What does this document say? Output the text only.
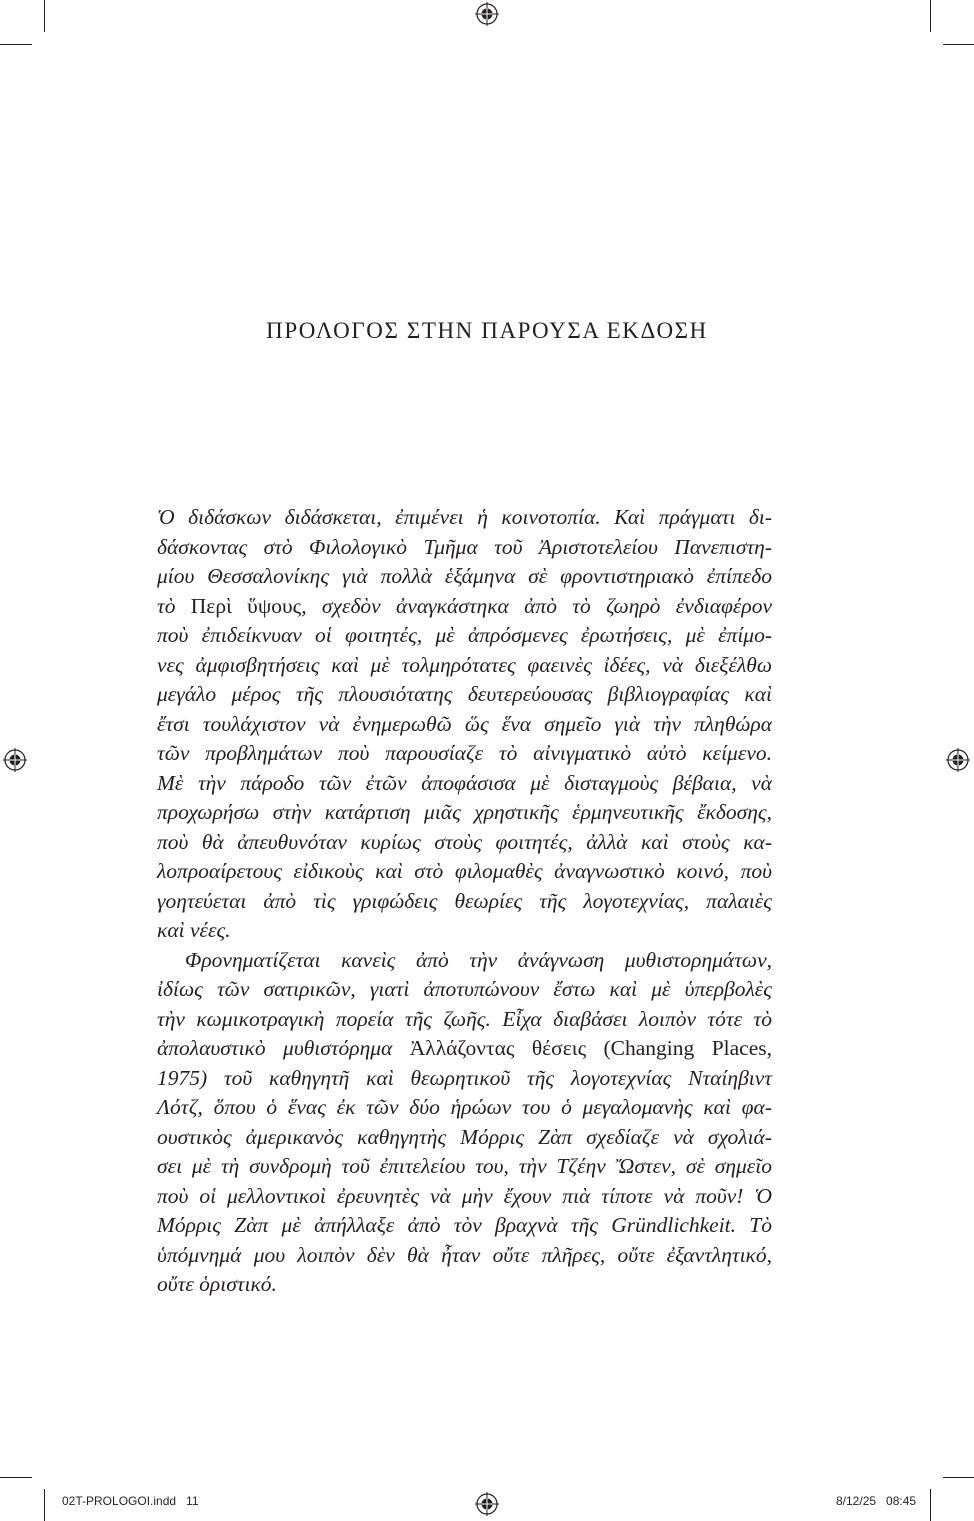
ΠΡΟΛΟΓΟΣ ΣΤΗΝ ΠΑΡΟΥΣΑ ΕΚΔΟΣΗ
Ὁ διδάσκων διδάσκεται, ἐπιμένει ἡ κοινοτοπία. Καὶ πράγματι δι-
δάσκοντας στὸ Φιλολογικὸ Τμῆμα τοῦ Ἀριστοτελείου Πανεπιστη-
μίου Θεσσαλονίκης γιὰ πολλὰ ἑξάμηνα σὲ φροντιστηριακὸ ἐπίπεδο
τὸ Περὶ ὕψους, σχεδὸν ἀναγκάστηκα ἀπὸ τὸ ζωηρὸ ἐνδιαφέρον
ποὺ ἐπιδείκνυαν οἱ φοιτητές, μὲ ἀπρόσμενες ἐρωτήσεις, μὲ ἐπίμο-
νες ἀμφισβητήσεις καὶ μὲ τολμηρότατες φαεινὲς ἰδέες, νὰ διεξέλθω
μεγάλο μέρος τῆς πλουσιότατης δευτερεύουσας βιβλιογραφίας καὶ
ἔτσι τουλάχιστον νὰ ἐνημερωθῶ ὥς ἕνα σημεῖο γιὰ τὴν πληθώρα
τῶν προβλημάτων ποὺ παρουσίαζε τὸ αἰνιγματικὸ αὐτὸ κείμενο.
Μὲ τὴν πάροδο τῶν ἐτῶν ἀποφάσισα μὲ δισταγμοὺς βέβαια, νὰ
προχωρήσω στὴν κατάρτιση μιᾶς χρηστικῆς ἑρμηνευτικῆς ἔκδοσης,
ποὺ θὰ ἀπευθυνόταν κυρίως στοὺς φοιτητές, ἀλλὰ καὶ στοὺς κα-
λοπροαίρετους εἰδικοὺς καὶ στὸ φιλομαθὲς ἀναγνωστικὸ κοινό, ποὺ
γοητεύεται ἀπὸ τὶς γριφώδεις θεωρίες τῆς λογοτεχνίας, παλαιὲς
καὶ νέες.
Φρονηματίζεται κανεὶς ἀπὸ τὴν ἀνάγνωση μυθιστορημάτων,
ἰδίως τῶν σατιρικῶν, γιατὶ ἀποτυπώνουν ἔστω καὶ μὲ ὑπερβολὲς
τὴν κωμικοτραγικὴ πορεία τῆς ζωῆς. Εἶχα διαβάσει λοιπὸν τότε τὸ
ἀπολαυστικὸ μυθιστόρημα Ἀλλάζοντας θέσεις (Changing Places,
1975) τοῦ καθηγητῆ καὶ θεωρητικοῦ τῆς λογοτεχνίας Νταίηβιντ
Λότζ, ὅπου ὁ ἕνας ἐκ τῶν δύο ἡρώων του ὁ μεγαλομανὴς καὶ φα-
ουστικὸς ἀμερικανὸς καθηγητὴς Μόρρις Ζὰπ σχεδίαζε νὰ σχολιά-
σει μὲ τὴ συνδρομὴ τοῦ ἐπιτελείου του, τὴν Τζέην Ὤστεν, σὲ σημεῖο
ποὺ οἱ μελλοντικοὶ ἐρευνητὲς νὰ μὴν ἔχουν πιὰ τίποτε νὰ ποῦν! Ὁ
Μόρρις Ζὰπ μὲ ἀπήλλαξε ἀπὸ τὸν βραχνὰ τῆς Gründlichkeit. Τὸ
ὑπόμνημά μου λοιπὸν δὲν θὰ ἦταν οὔτε πλῆρες, οὔτε ἐξαντλητικό,
οὔτε ὁριστικό.
02T-PROLOGOI.indd   11	8/12/25   08:45
